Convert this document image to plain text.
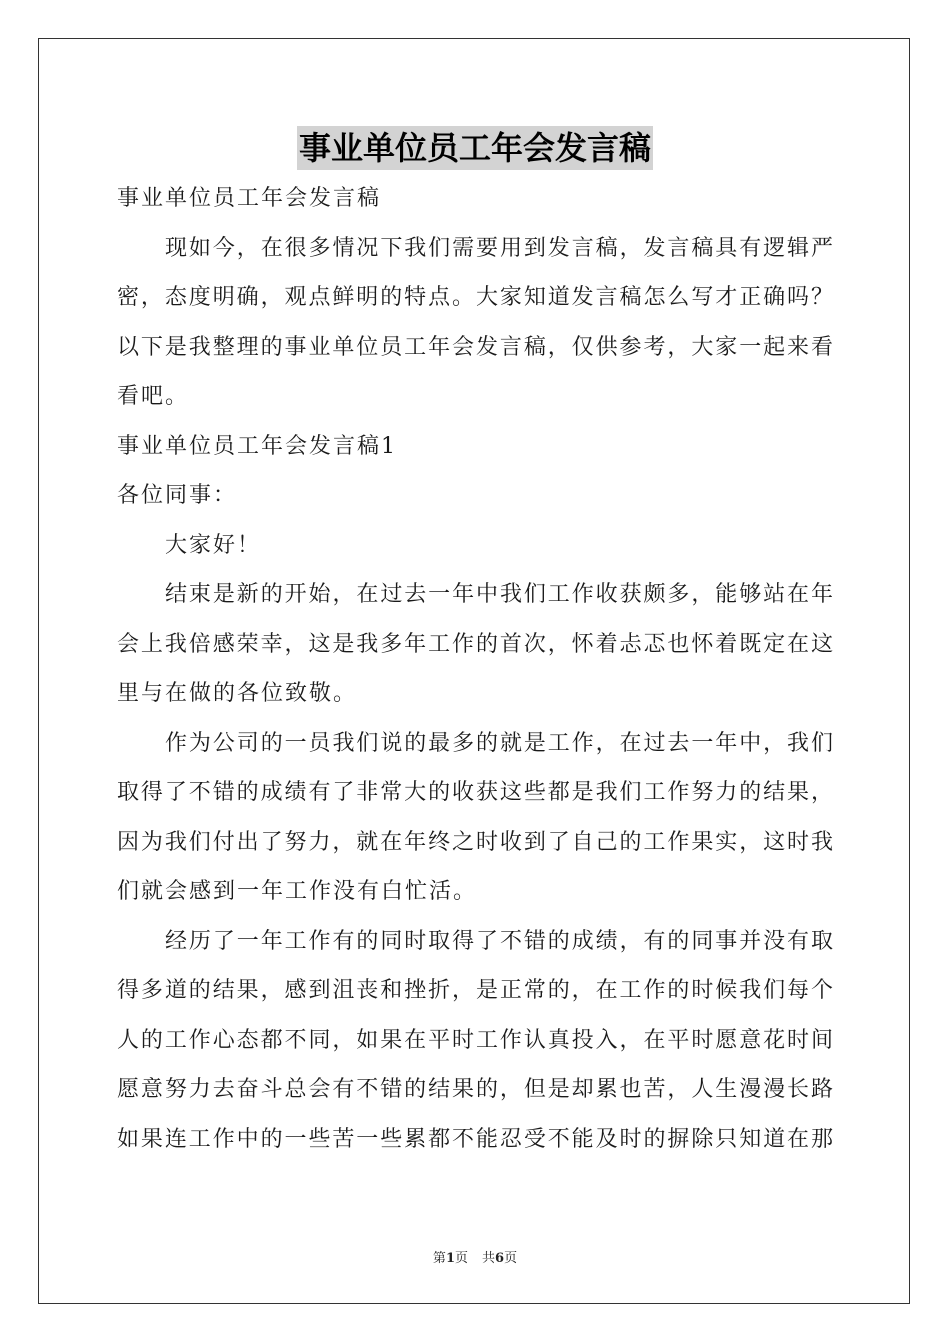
事业单位员工年会发言稿
事业单位员工年会发言稿
现如今，在很多情况下我们需要用到发言稿，发言稿具有逻辑严
密，态度明确，观点鲜明的特点。大家知道发言稿怎么写才正确吗？
以下是我整理的事业单位员工年会发言稿，仅供参考，大家一起来看
看吧。
事业单位员工年会发言稿1
各位同事：
大家好！
结束是新的开始，在过去一年中我们工作收获颇多，能够站在年
会上我倍感荣幸，这是我多年工作的首次，怀着忐忑也怀着既定在这
里与在做的各位致敬。
作为公司的一员我们说的最多的就是工作，在过去一年中，我们
取得了不错的成绩有了非常大的收获这些都是我们工作努力的结果，
因为我们付出了努力，就在年终之时收到了自己的工作果实，这时我
们就会感到一年工作没有白忙活。
经历了一年工作有的同时取得了不错的成绩，有的同事并没有取
得多道的结果，感到沮丧和挫折，是正常的，在工作的时候我们每个
人的工作心态都不同，如果在平时工作认真投入，在平时愿意花时间
愿意努力去奋斗总会有不错的结果的，但是却累也苦，人生漫漫长路
如果连工作中的一些苦一些累都不能忍受不能及时的摒除只知道在那
第1页 共6页
